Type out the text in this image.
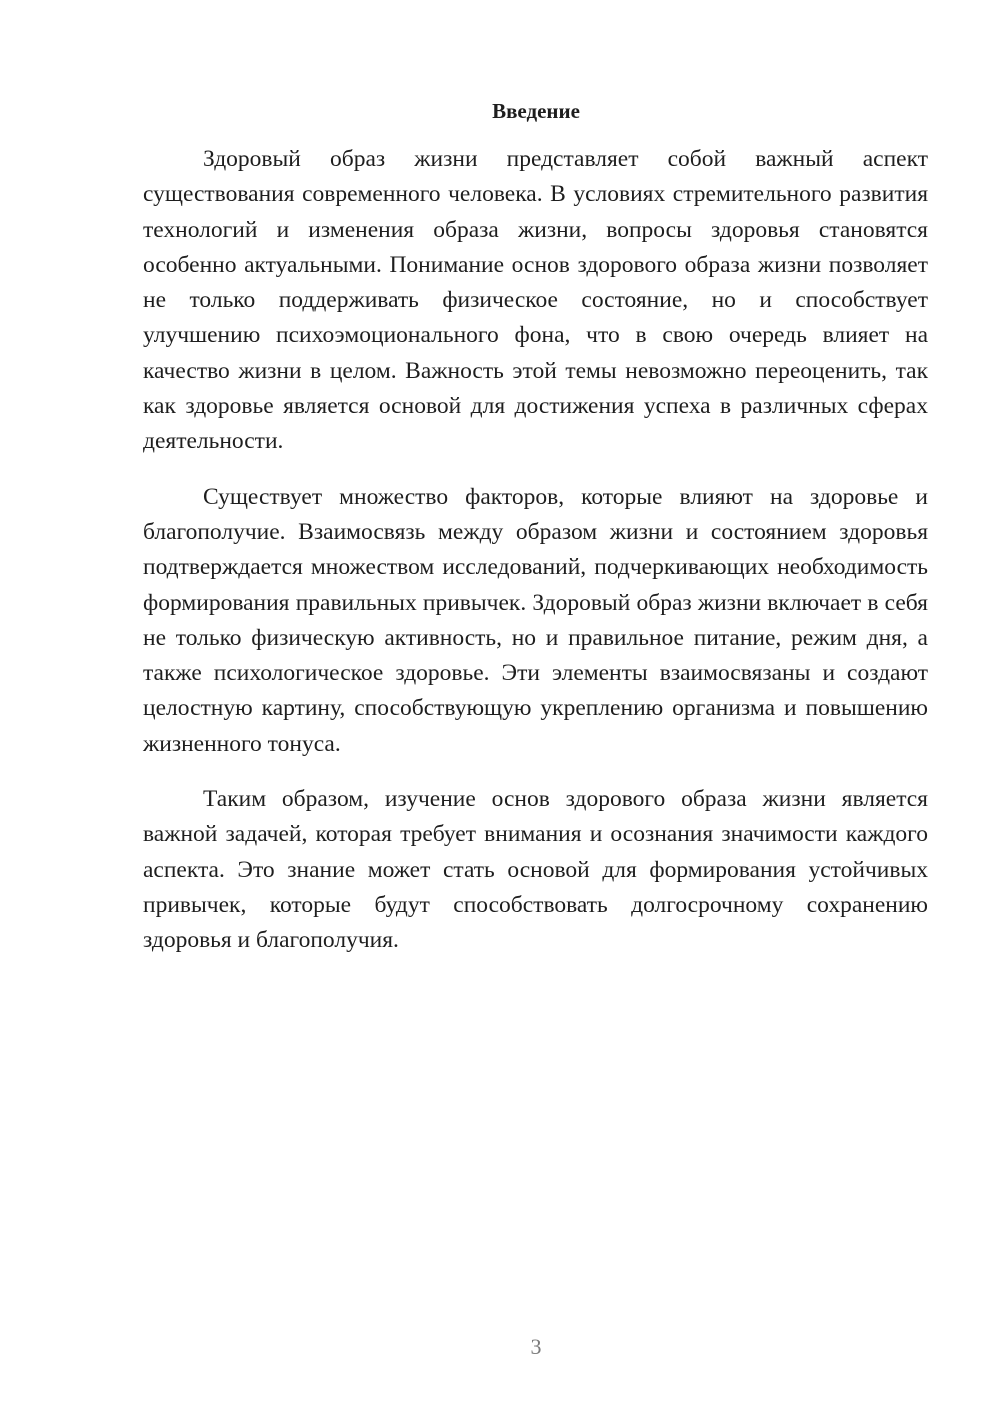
Введение

Здоровый образ жизни представляет собой важный аспект существования современного человека. В условиях стремительного развития технологий и изменения образа жизни, вопросы здоровья становятся особенно актуальными. Понимание основ здорового образа жизни позволяет не только поддерживать физическое состояние, но и способствует улучшению психоэмоционального фона, что в свою очередь влияет на качество жизни в целом. Важность этой темы невозможно переоценить, так как здоровье является основой для достижения успеха в различных сферах деятельности.

Существует множество факторов, которые влияют на здоровье и благополучие. Взаимосвязь между образом жизни и состоянием здоровья подтверждается множеством исследований, подчеркивающих необходимость формирования правильных привычек. Здоровый образ жизни включает в себя не только физическую активность, но и правильное питание, режим дня, а также психологическое здоровье. Эти элементы взаимосвязаны и создают целостную картину, способствующую укреплению организма и повышению жизненного тонуса.

Таким образом, изучение основ здорового образа жизни является важной задачей, которая требует внимания и осознания значимости каждого аспекта. Это знание может стать основой для формирования устойчивых привычек, которые будут способствовать долгосрочному сохранению здоровья и благополучия.

3
